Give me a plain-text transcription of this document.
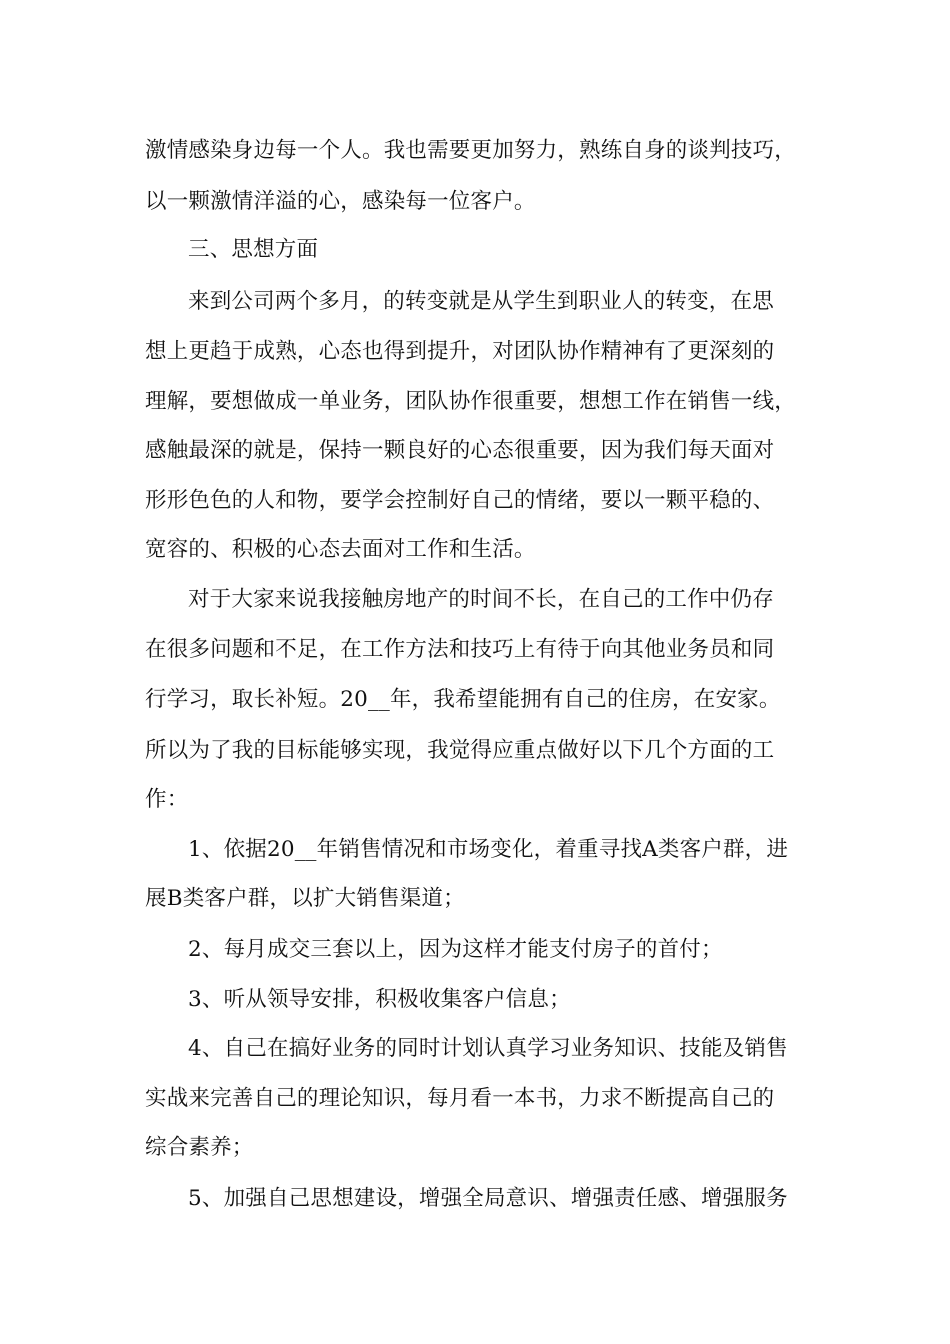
激情感染身边每一个人。我也需要更加努力，熟练自身的谈判技巧，
以一颗激情洋溢的心，感染每一位客户。
三、思想方面
来到公司两个多月，的转变就是从学生到职业人的转变，在思
想上更趋于成熟，心态也得到提升，对团队协作精神有了更深刻的
理解，要想做成一单业务，团队协作很重要，想想工作在销售一线，
感触最深的就是，保持一颗良好的心态很重要，因为我们每天面对
形形色色的人和物，要学会控制好自己的情绪，要以一颗平稳的、
宽容的、积极的心态去面对工作和生活。
对于大家来说我接触房地产的时间不长，在自己的工作中仍存
在很多问题和不足，在工作方法和技巧上有待于向其他业务员和同
行学习，取长补短。20__年，我希望能拥有自己的住房，在安家。
所以为了我的目标能够实现，我觉得应重点做好以下几个方面的工
作：
1、依据20__年销售情况和市场变化，着重寻找A类客户群，进
展B类客户群，以扩大销售渠道；
2、每月成交三套以上，因为这样才能支付房子的首付；
3、听从领导安排，积极收集客户信息；
4、自己在搞好业务的同时计划认真学习业务知识、技能及销售
实战来完善自己的理论知识，每月看一本书，力求不断提高自己的
综合素养；
5、加强自己思想建设，增强全局意识、增强责任感、增强服务
